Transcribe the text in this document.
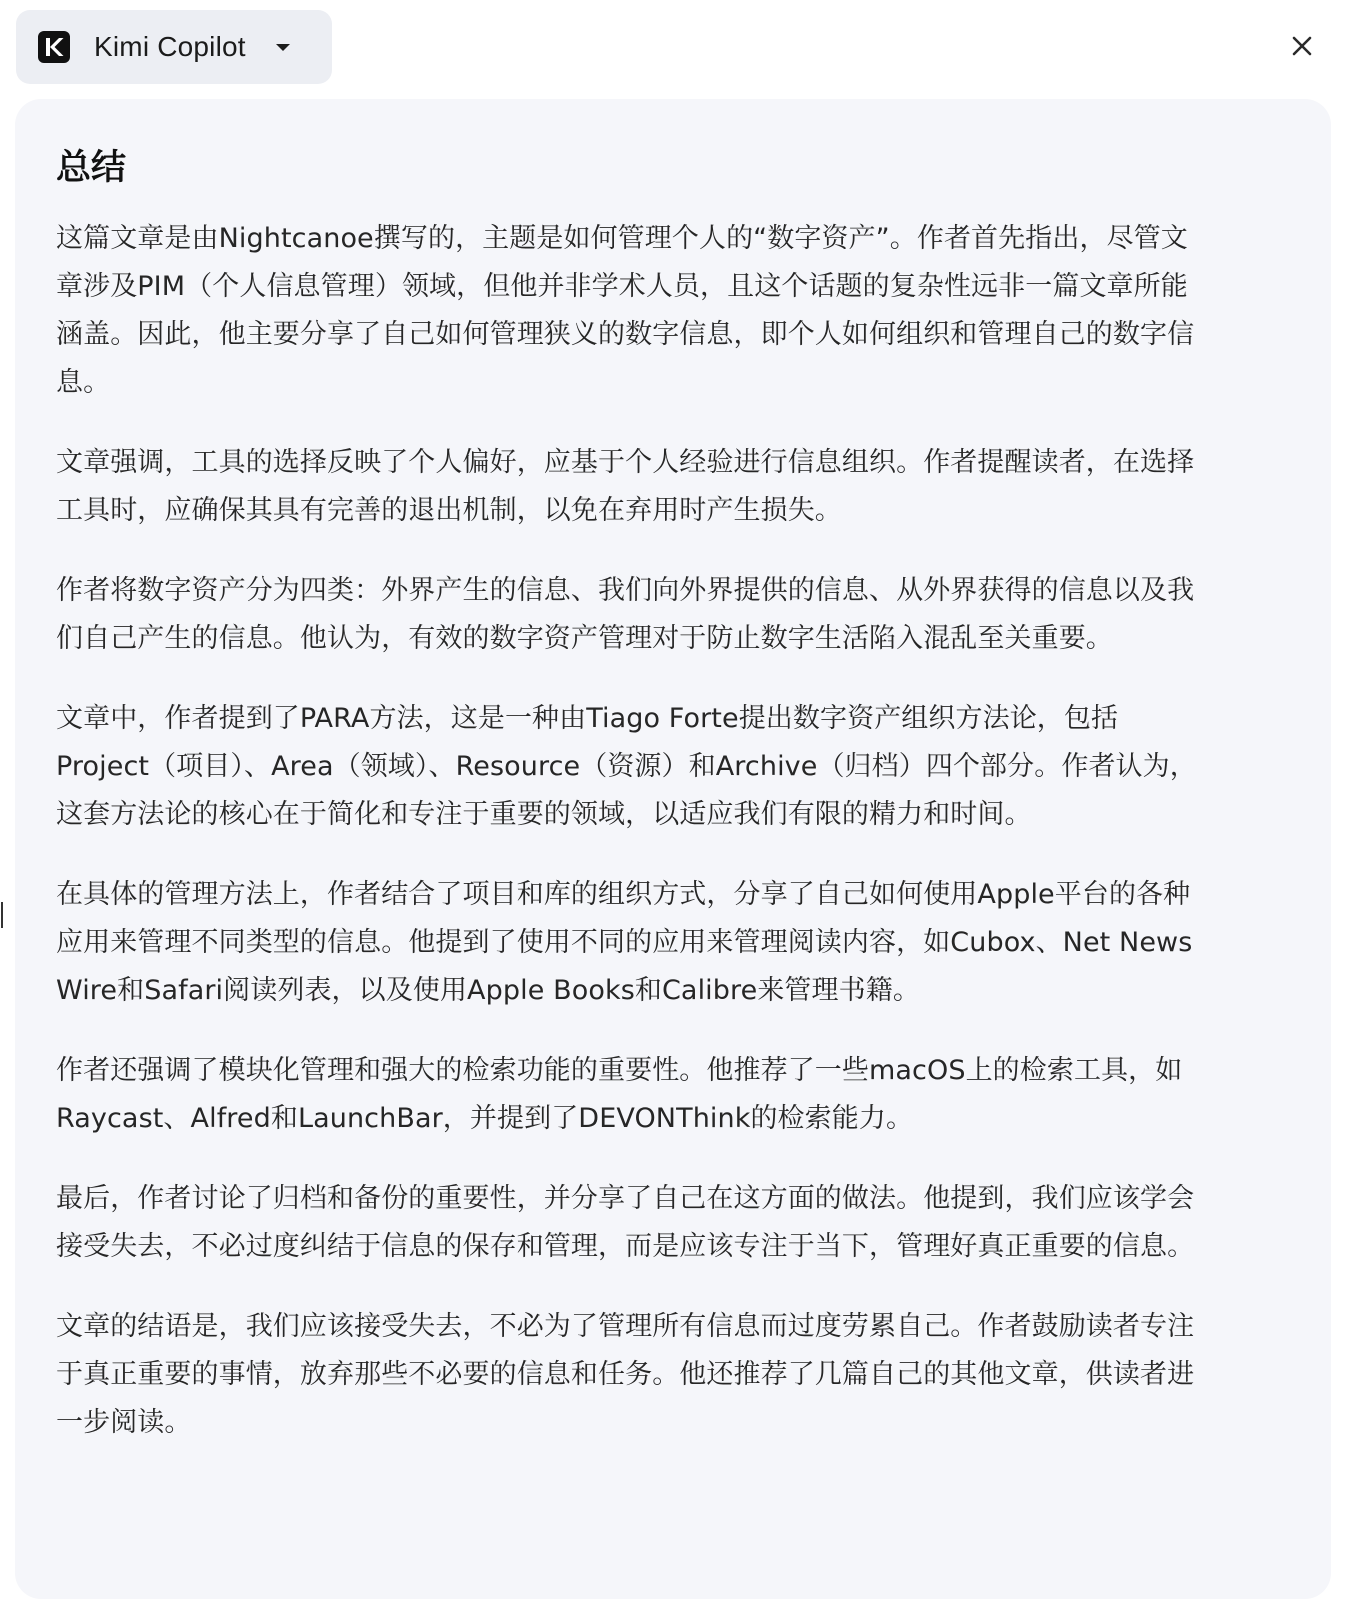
Kimi Copilot
总结

这篇文章是由Nightcanoe撰写的，主题是如何管理个人的“数字资产”。作者首先指出，尽管文章涉及PIM（个人信息管理）领域，但他并非学术人员，且这个话题的复杂性远非一篇文章所能涵盖。因此，他主要分享了自己如何管理狭义的数字信息，即个人如何组织和管理自己的数字信息。

文章强调，工具的选择反映了个人偏好，应基于个人经验进行信息组织。作者提醒读者，在选择工具时，应确保其具有完善的退出机制，以免在弃用时产生损失。

作者将数字资产分为四类：外界产生的信息、我们向外界提供的信息、从外界获得的信息以及我们自己产生的信息。他认为，有效的数字资产管理对于防止数字生活陷入混乱至关重要。

文章中，作者提到了PARA方法，这是一种由Tiago Forte提出数字资产组织方法论，包括Project（项目）、Area（领域）、Resource（资源）和Archive（归档）四个部分。作者认为，这套方法论的核心在于简化和专注于重要的领域，以适应我们有限的精力和时间。

在具体的管理方法上，作者结合了项目和库的组织方式，分享了自己如何使用Apple平台的各种应用来管理不同类型的信息。他提到了使用不同的应用来管理阅读内容，如Cubox、Net News Wire和Safari阅读列表，以及使用Apple Books和Calibre来管理书籍。

作者还强调了模块化管理和强大的检索功能的重要性。他推荐了一些macOS上的检索工具，如Raycast、Alfred和LaunchBar，并提到了DEVONThink的检索能力。

最后，作者讨论了归档和备份的重要性，并分享了自己在这方面的做法。他提到，我们应该学会接受失去，不必过度纠结于信息的保存和管理，而是应该专注于当下，管理好真正重要的信息。

文章的结语是，我们应该接受失去，不必为了管理所有信息而过度劳累自己。作者鼓励读者专注于真正重要的事情，放弃那些不必要的信息和任务。他还推荐了几篇自己的其他文章，供读者进一步阅读。
